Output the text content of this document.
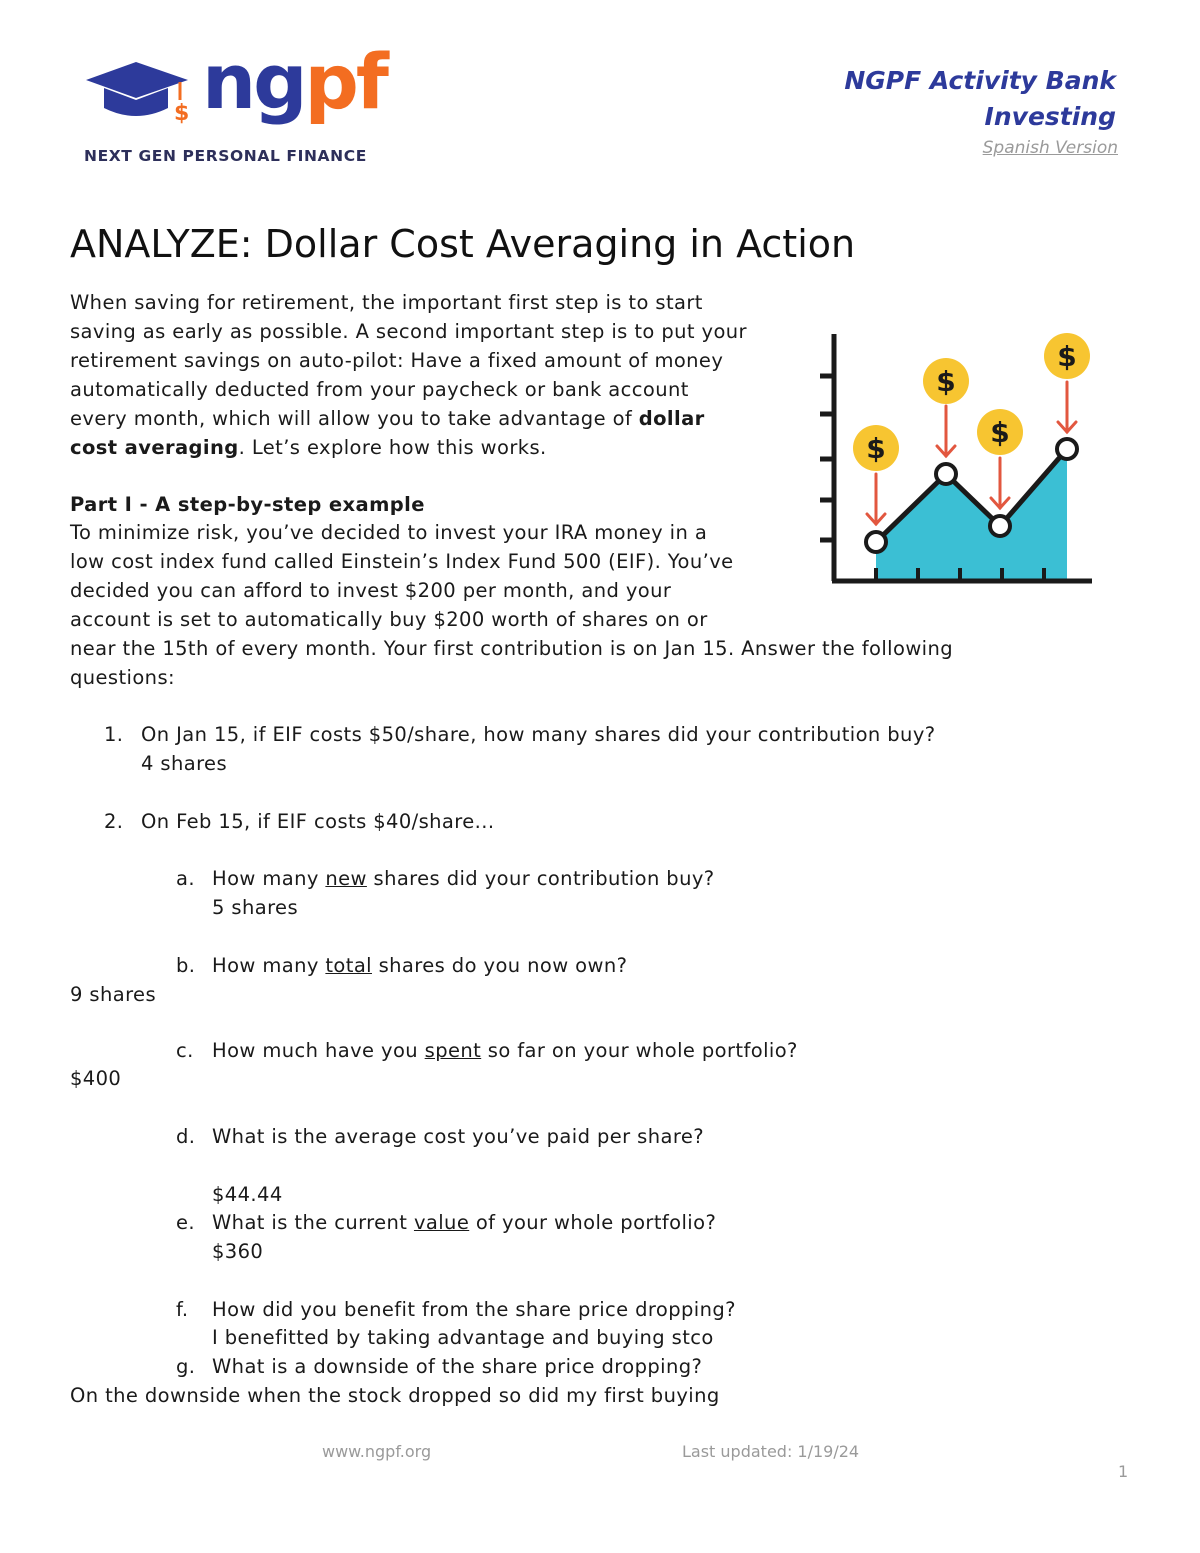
$ ngpf
NEXT GEN PERSONAL FINANCE
NGPF Activity Bank
Investing
Spanish Version
ANALYZE: Dollar Cost Averaging in Action
When saving for retirement, the important first step is to start
saving as early as possible. A second important step is to put your
retirement savings on auto-pilot: Have a fixed amount of money
automatically deducted from your paycheck or bank account
every month, which will allow you to take advantage of dollar
cost averaging. Let’s explore how this works.	$
$
$
$
Part I - A step-by-step example
To minimize risk, you’ve decided to invest your IRA money in a
low cost index fund called Einstein’s Index Fund 500 (EIF). You’ve
decided you can afford to invest $200 per month, and your
account is set to automatically buy $200 worth of shares on or
near the 15th of every month. Your first contribution is on Jan 15. Answer the following
questions:
1. On Jan 15, if EIF costs $50/share, how many shares did your contribution buy?
4 shares
2. On Feb 15, if EIF costs $40/share...
a. How many new shares did your contribution buy?
5 shares
b. How many total shares do you now own?
9 shares
c. How much have you spent so far on your whole portfolio?
$400
d. What is the average cost you’ve paid per share?
$44.44
e. What is the current value of your whole portfolio?
$360
f. How did you benefit from the share price dropping?
I benefitted by taking advantage and buying stco
g. What is a downside of the share price dropping?
On the downside when the stock dropped so did my first buying
www.ngpf.org	Last updated: 1/19/24
1
